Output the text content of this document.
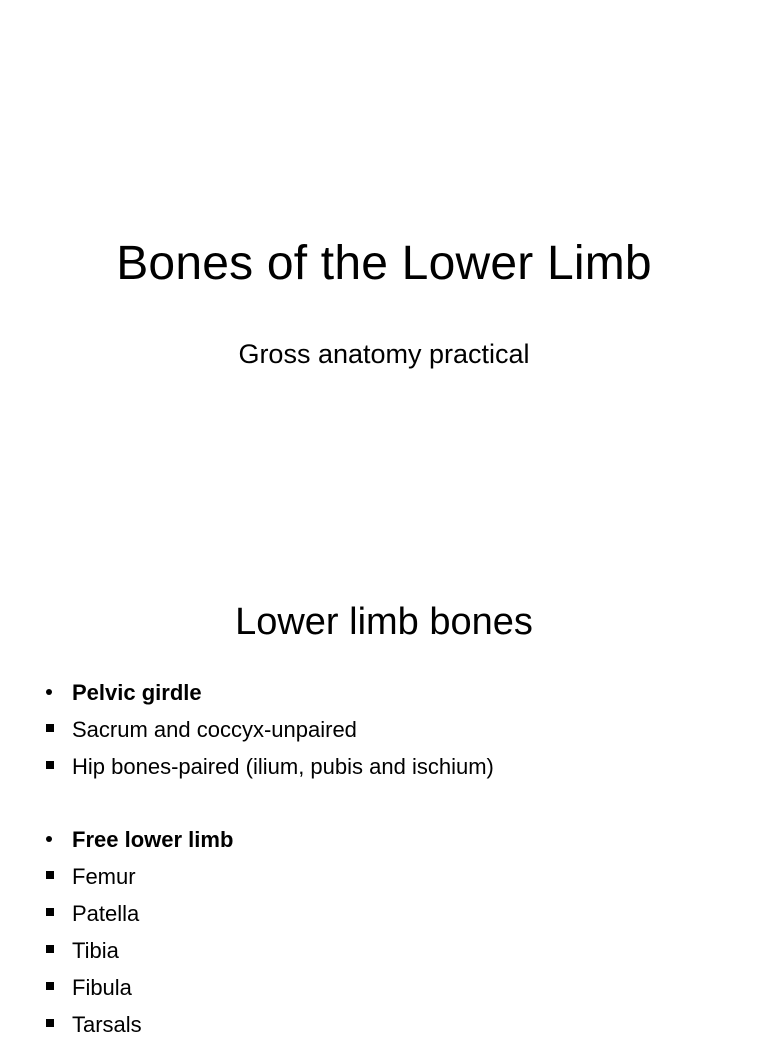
Bones of the Lower Limb
Gross anatomy practical
Lower limb bones
Pelvic girdle
Sacrum and coccyx-unpaired
Hip bones-paired (ilium, pubis and ischium)
Free lower limb
Femur
Patella
Tibia
Fibula
Tarsals
